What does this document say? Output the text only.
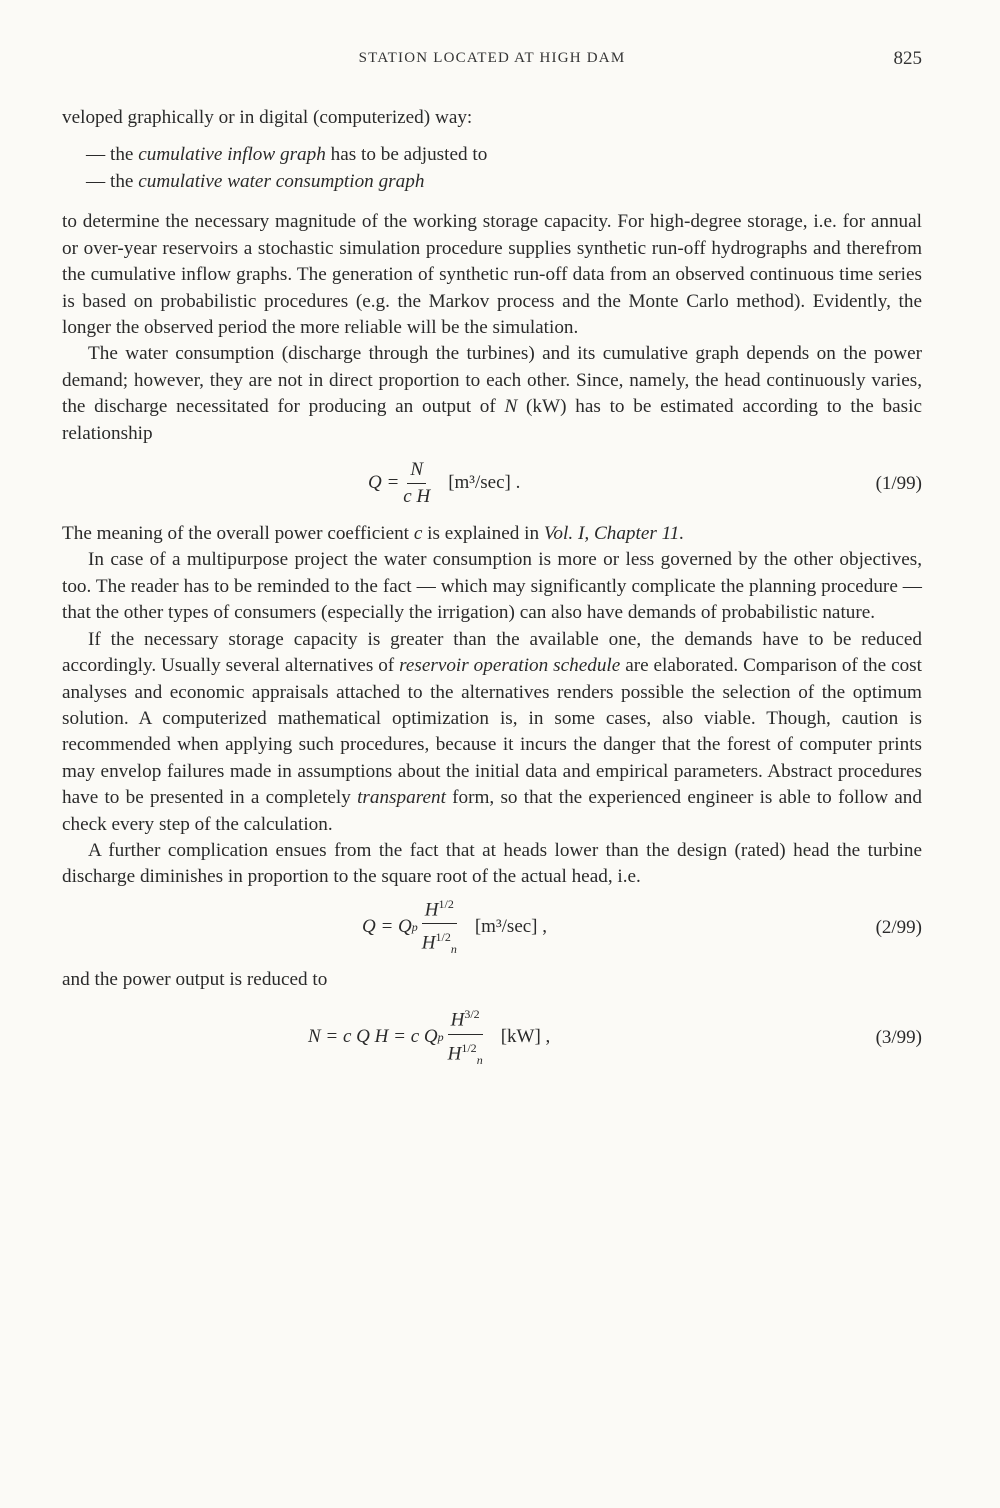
STATION LOCATED AT HIGH DAM	825

veloped graphically or in digital (computerized) way:

— the cumulative inflow graph has to be adjusted to
— the cumulative water consumption graph

to determine the necessary magnitude of the working storage capacity. For high-degree storage, i.e. for annual or over-year reservoirs a stochastic simulation procedure supplies synthetic run-off hydrographs and therefrom the cumulative inflow graphs. The generation of synthetic run-off data from an observed continuous time series is based on probabilistic procedures (e.g. the Markov process and the Monte Carlo method). Evidently, the longer the observed period the more reliable will be the simulation.

The water consumption (discharge through the turbines) and its cumulative graph depends on the power demand; however, they are not in direct proportion to each other. Since, namely, the head continuously varies, the discharge necessitated for producing an output of N (kW) has to be estimated according to the basic relationship

$Q = \frac{N}{\text{c H}} [m^3/\sec]$ .	(1/99)

The meaning of the overall power coefficient c is explained in Vol. I, Chapter 11.

In case of a multipurpose project the water consumption is more or less governed by the other objectives, too. The reader has to be reminded to the fact — which may significantly complicate the planning procedure — that the other types of consumers (especially the irrigation) can also have demands of probabilistic nature.

If the necessary storage capacity is greater than the available one, the demands have to be reduced accordingly. Usually several alternatives of reservoir operation schedule are elaborated. Comparison of the cost analyses and economic appraisals attached to the alternatives renders possible the selection of the optimum solution. A computerized mathematical optimization is, in some cases, also viable. Though, caution is recommended when applying such procedures, because it incurs the danger that the forest of computer prints may envelop failures made in assumptions about the initial data and empirical parameters. Abstract procedures have to be presented in a completely transparent form, so that the experienced engineer is able to follow and check every step of the calculation.

A further complication ensues from the fact that at heads lower than the design (rated) head the turbine discharge diminishes in proportion to the square root of the actual head, i.e.

Q = Q p $\frac{H^{1/2}}{H^{1/2}_n} [m^3/\sec]$ ,	(2/99)

and the power output is reduced to

N = c Q H = c Q p $\frac{H^{3/2}}{H^{1/2}_n} [kW]$ ,	(3/99)
